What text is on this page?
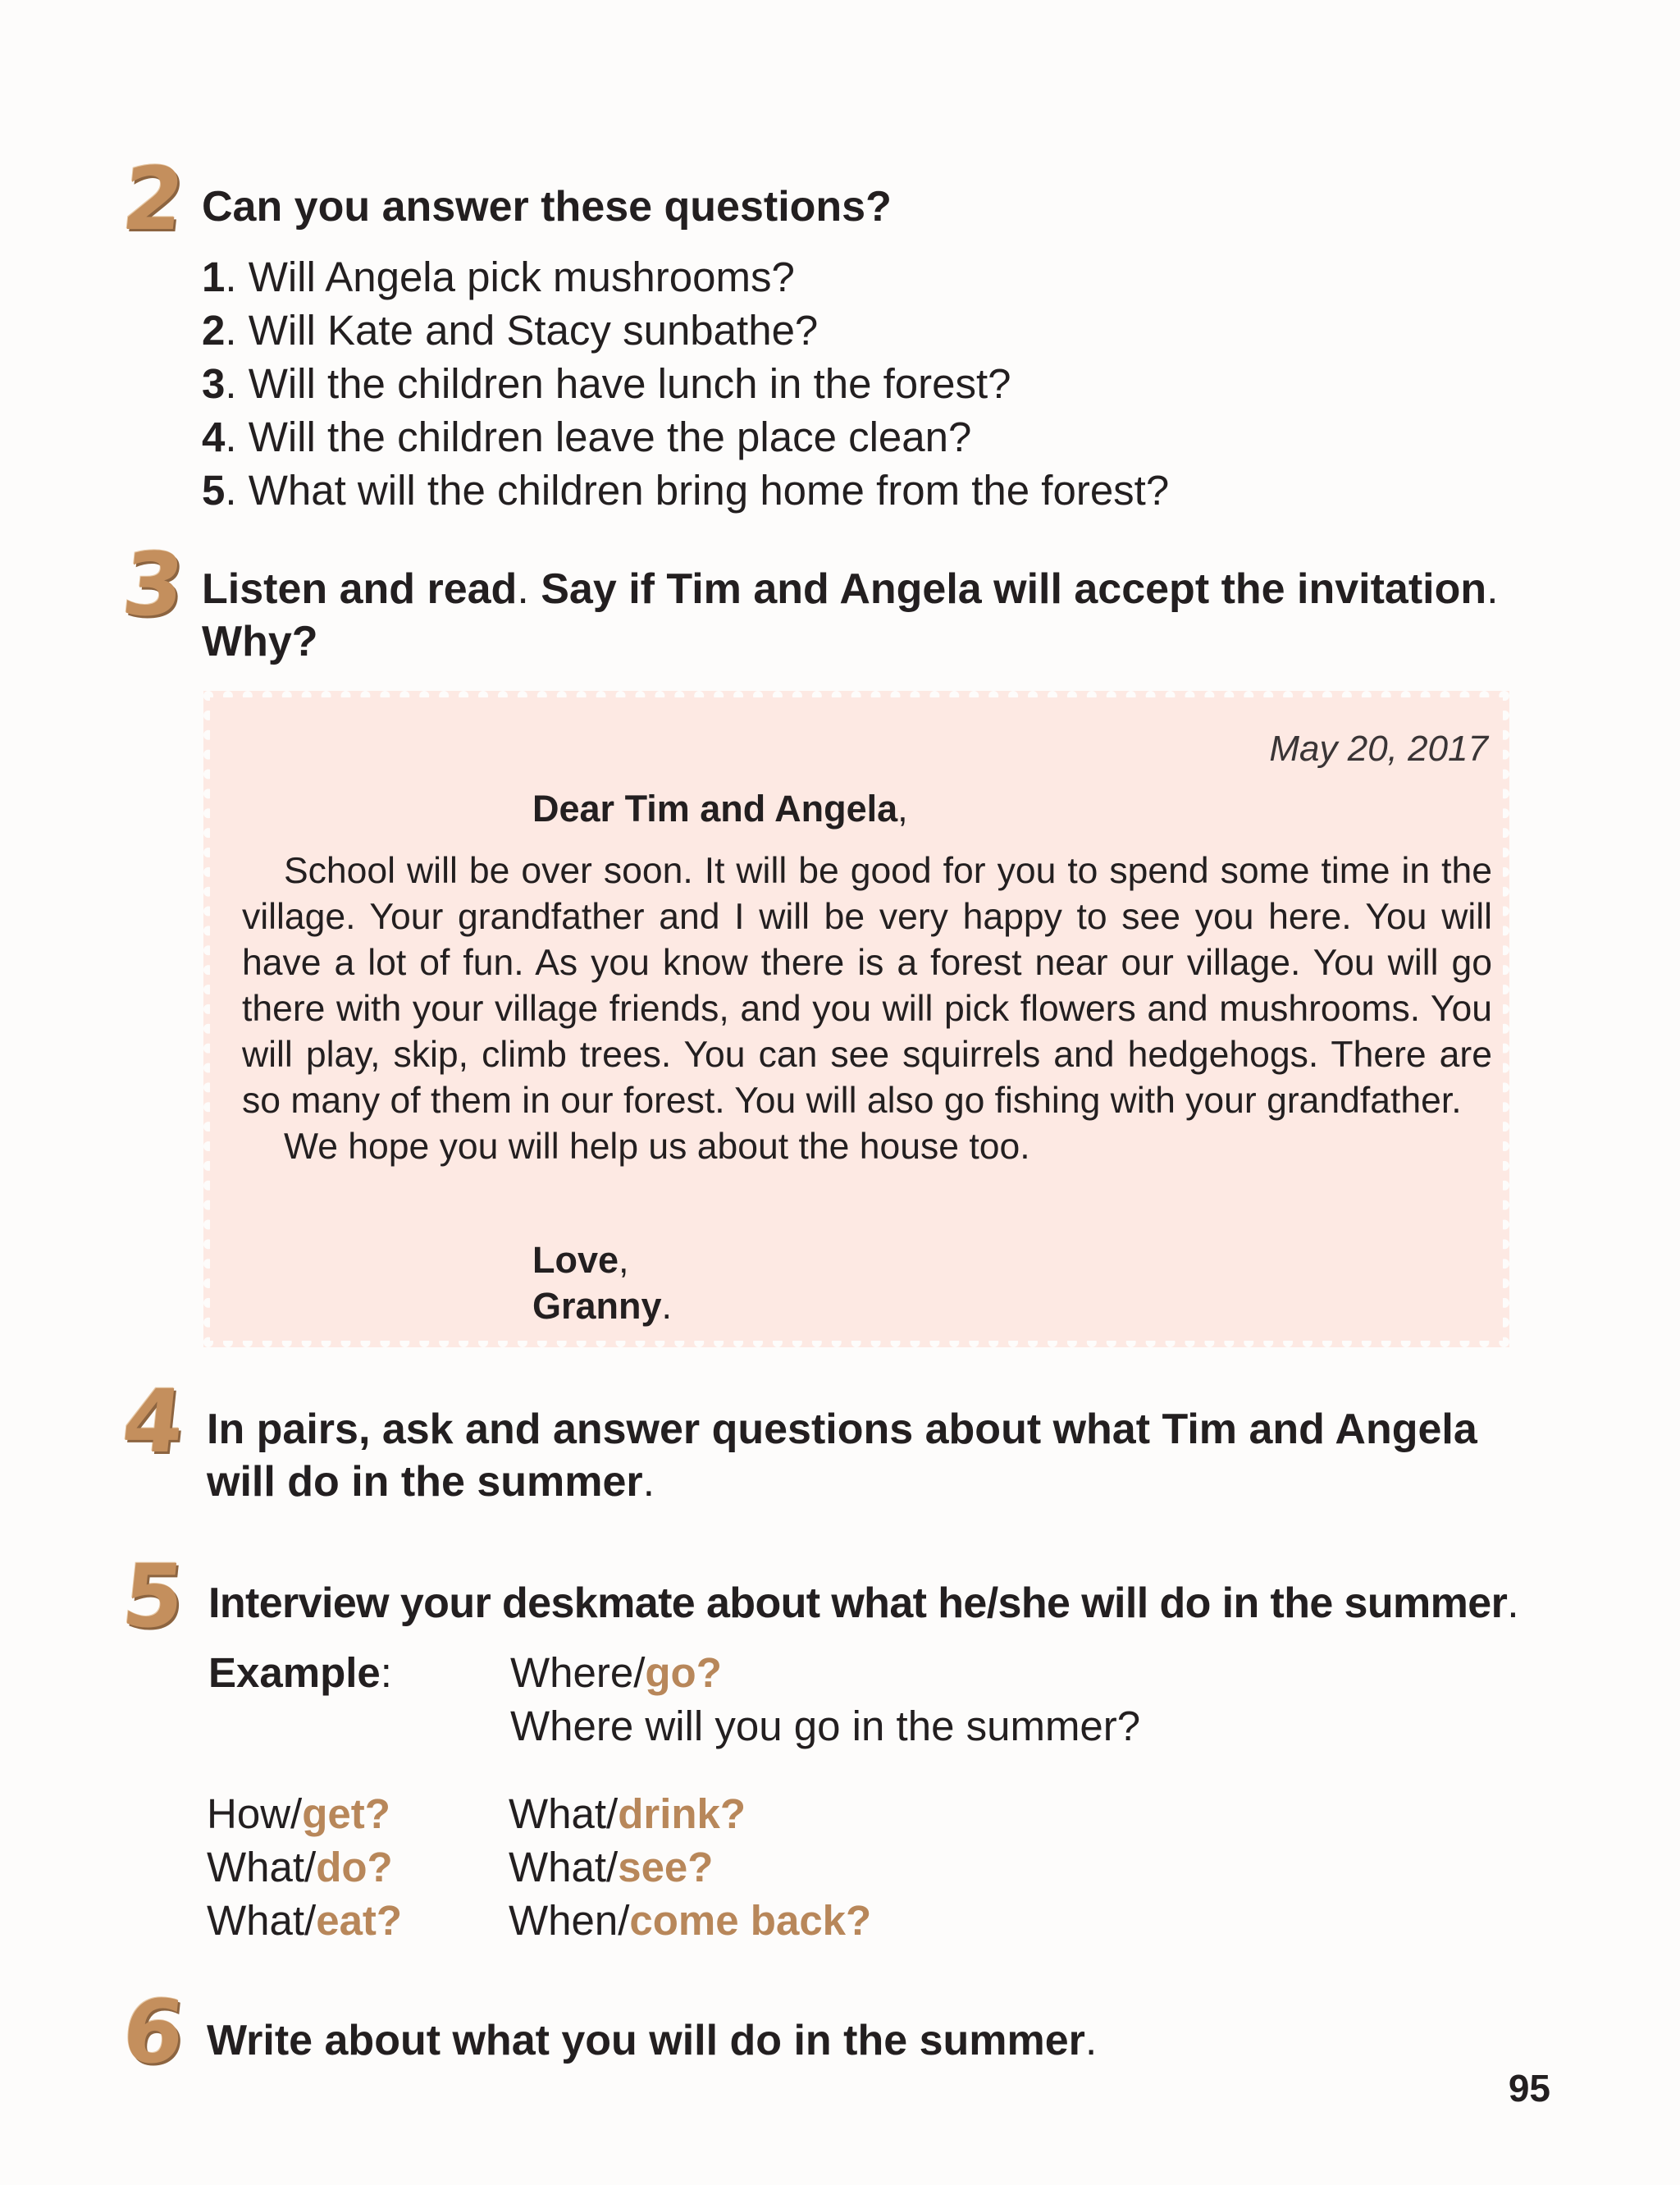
2 Can you answer these questions?
1. Will Angela pick mushrooms?
2. Will Kate and Stacy sunbathe?
3. Will the children have lunch in the forest?
4. Will the children leave the place clean?
5. What will the children bring home from the forest?
3 Listen and read. Say if Tim and Angela will accept the invitation.
Why?
May 20, 2017
Dear Tim and Angela,

School will be over soon. It will be good for you to spend some time in the village. Your grandfather and I will be very happy to see you here. You will have a lot of fun. As you know there is a forest near our village. You will go there with your village friends, and you will pick flowers and mushrooms. You will play, skip, climb trees. You can see squirrels and hedgehogs. There are so many of them in our forest. You will also go fishing with your grandfather.

We hope you will help us about the house too.

Love,
Granny.
4 In pairs, ask and answer questions about what Tim and Angela
will do in the summer.
5 Interview your deskmate about what he/she will do in the summer.
Example:	Where/go?
Where will you go in the summer?
How/get?
What/do?
What/eat?
What/drink?
What/see?
When/come back?
6 Write about what you will do in the summer.
95
